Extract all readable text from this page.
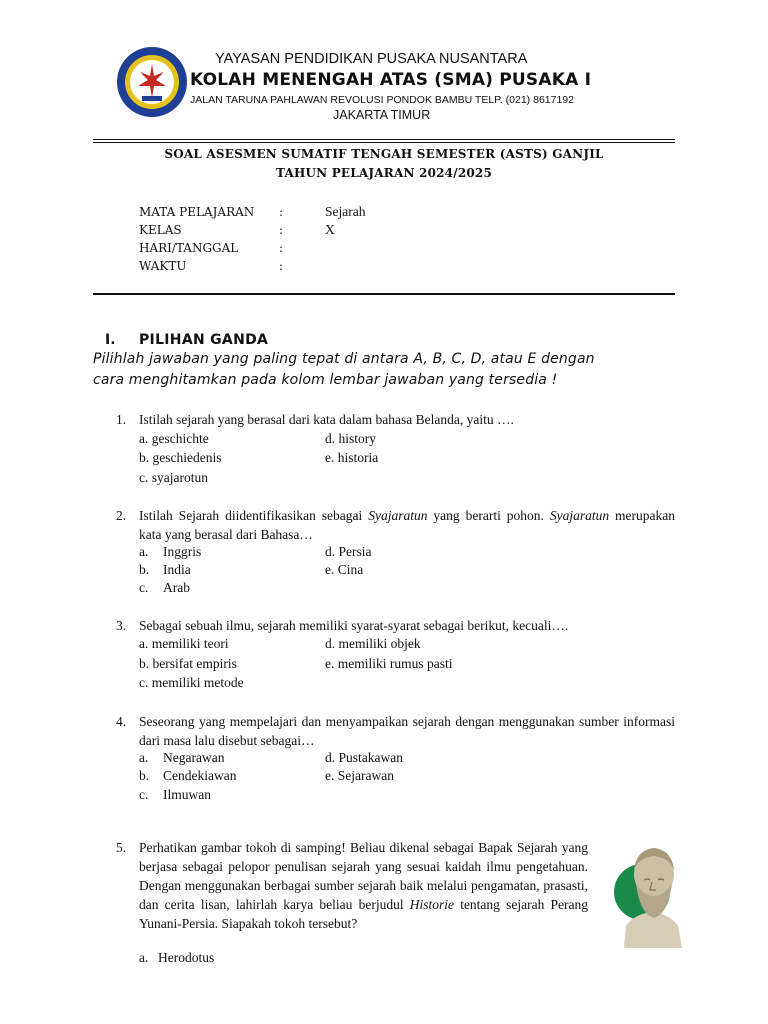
YAYASAN PENDIDIKAN PUSAKA NUSANTARA
KOLAH MENENGAH ATAS (SMA) PUSAKA I
JALAN TARUNA PAHLAWAN REVOLUSI PONDOK BAMBU TELP. (021) 8617192
JAKARTA TIMUR
SOAL ASESMEN SUMATIF TENGAH SEMESTER (ASTS) GANJIL
TAHUN PELAJARAN 2024/2025
MATA PELAJARAN :	Sejarah
KELAS	:	X
HARI/TANGGAL	:
WAKTU	:
I. PILIHAN GANDA
Pilihlah jawaban yang paling tepat di antara A, B, C, D, atau E dengan
cara menghitamkan pada kolom lembar jawaban yang tersedia !
1. Istilah sejarah yang berasal dari kata dalam bahasa Belanda, yaitu ….
a. geschichte
b. geschiedenis
c. syajarotun
d. history
e. historia
2. Istilah Sejarah diidentifikasikan sebagai Syajaratun yang berarti pohon. Syajaratun merupakan kata yang berasal dari Bahasa…
a. Inggris
b. India
c. Arab
d. Persia
e. Cina
3. Sebagai sebuah ilmu, sejarah memiliki syarat-syarat sebagai berikut, kecuali….
a. memiliki teori
b. bersifat empiris
c. memiliki metode
d. memiliki objek
e. memiliki rumus pasti
4. Seseorang yang mempelajari dan menyampaikan sejarah dengan menggunakan sumber informasi dari masa lalu disebut sebagai…
a. Negarawan
b. Cendekiawan
c. Ilmuwan
d. Pustakawan
e. Sejarawan
5. Perhatikan gambar tokoh di samping! Beliau dikenal sebagai Bapak Sejarah yang berjasa sebagai pelopor penulisan sejarah yang sesuai kaidah ilmu pengetahuan. Dengan menggunakan berbagai sumber sejarah baik melalui pengamatan, prasasti, dan cerita lisan, lahirlah karya beliau berjudul Historie tentang sejarah Perang Yunani-Persia. Siapakah tokoh tersebut?
a. Herodotus
